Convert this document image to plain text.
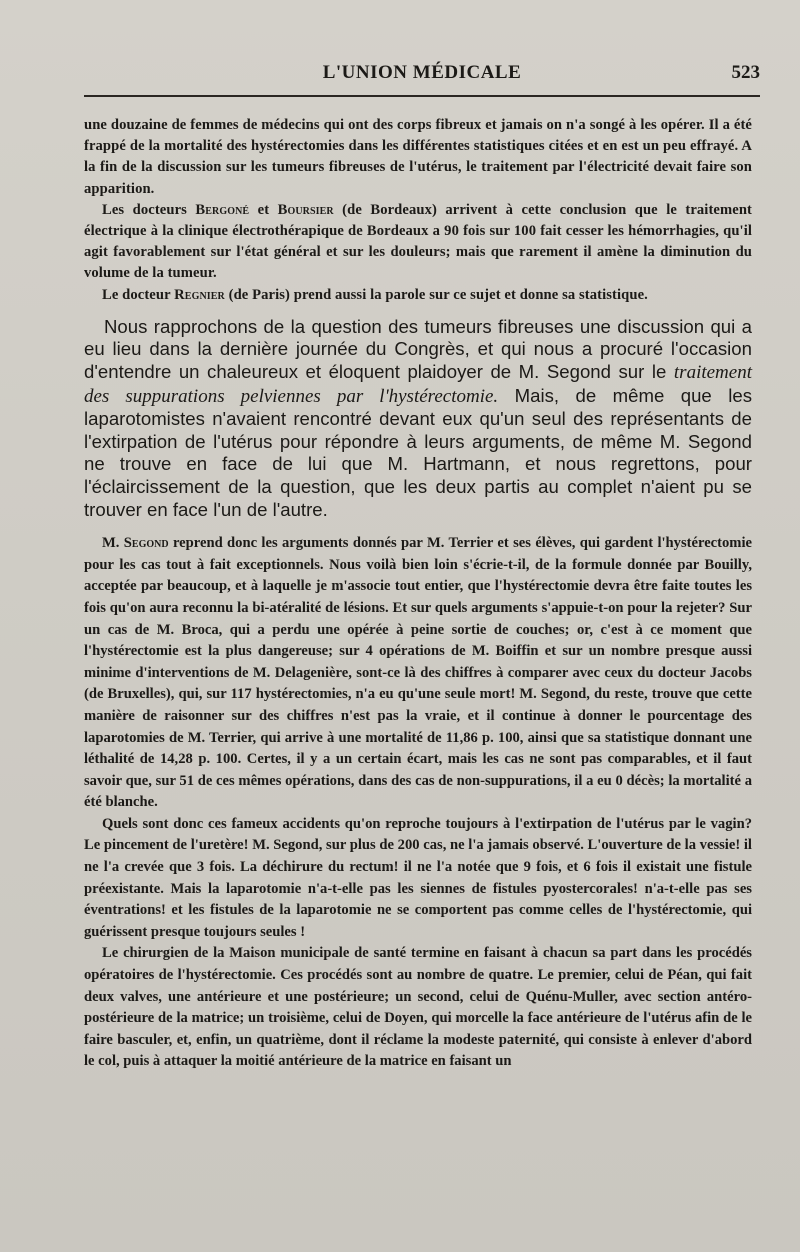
L'UNION MÉDICALE	523

une douzaine de femmes de médecins qui ont des corps fibreux et jamais on n'a songé à les opérer. Il a été frappé de la mortalité des hystérectomies dans les différentes statistiques citées et en est un peu effrayé. A la fin de la discussion sur les tumeurs fibreuses de l'utérus, le traitement par l'électricité devait faire son apparition.

Les docteurs Bergoné et Boursier (de Bordeaux) arrivent à cette conclusion que le traitement électrique à la clinique électrothérapique de Bordeaux a 90 fois sur 100 fait cesser les hémorrhagies, qu'il agit favorablement sur l'état général et sur les douleurs; mais que rarement il amène la diminution du volume de la tumeur.

Le docteur Regnier (de Paris) prend aussi la parole sur ce sujet et donne sa statistique.

Nous rapprochons de la question des tumeurs fibreuses une discussion qui a eu lieu dans la dernière journée du Congrès, et qui nous a procuré l'occasion d'entendre un chaleureux et éloquent plaidoyer de M. Segond sur le traitement des suppurations pelviennes par l'hystérectomie. Mais, de même que les laparotomistes n'avaient rencontré devant eux qu'un seul des représentants de l'extirpation de l'utérus pour répondre à leurs arguments, de même M. Segond ne trouve en face de lui que M. Hartmann, et nous regrettons, pour l'éclaircissement de la question, que les deux partis au complet n'aient pu se trouver en face l'un de l'autre.

M. Segond reprend donc les arguments donnés par M. Terrier et ses élèves, qui gardent l'hystérectomie pour les cas tout à fait exceptionnels. Nous voilà bien loin s'écrie-t-il, de la formule donnée par Bouilly, acceptée par beaucoup, et à laquelle je m'associe tout entier, que l'hystérectomie devra être faite toutes les fois qu'on aura reconnu la bi-atéralité de lésions. Et sur quels arguments s'appuie-t-on pour la rejeter? Sur un cas de M. Broca, qui a perdu une opérée à peine sortie de couches; or, c'est à ce moment que l'hystérectomie est la plus dangereuse; sur 4 opérations de M. Boiffin et sur un nombre presque aussi minime d'interventions de M. Delagenière, sont-ce là des chiffres à comparer avec ceux du docteur Jacobs (de Bruxelles), qui, sur 117 hystérectomies, n'a eu qu'une seule mort! M. Segond, du reste, trouve que cette manière de raisonner sur des chiffres n'est pas la vraie, et il continue à donner le pourcentage des laparotomies de M. Terrier, qui arrive à une mortalité de 11,86 p. 100, ainsi que sa statistique donnant une léthalité de 14,28 p. 100. Certes, il y a un certain écart, mais les cas ne sont pas comparables, et il faut savoir que, sur 51 de ces mêmes opérations, dans des cas de non-suppurations, il a eu 0 décès; la mortalité a été blanche.

Quels sont donc ces fameux accidents qu'on reproche toujours à l'extirpation de l'utérus par le vagin? Le pincement de l'uretère! M. Segond, sur plus de 200 cas, ne l'a jamais observé. L'ouverture de la vessie! il ne l'a crevée que 3 fois. La déchirure du rectum! il ne l'a notée que 9 fois, et 6 fois il existait une fistule préexistante. Mais la laparotomie n'a-t-elle pas les siennes de fistules pyostercorales! n'a-t-elle pas ses éventrations! et les fistules de la laparotomie ne se comportent pas comme celles de l'hystérectomie, qui guérissent presque toujours seules !

Le chirurgien de la Maison municipale de santé termine en faisant à chacun sa part dans les procédés opératoires de l'hystérectomie. Ces procédés sont au nombre de quatre. Le premier, celui de Péan, qui fait deux valves, une antérieure et une postérieure; un second, celui de Quénu-Muller, avec section antéro-postérieure de la matrice; un troisième, celui de Doyen, qui morcelle la face antérieure de l'utérus afin de le faire basculer, et, enfin, un quatrième, dont il réclame la modeste paternité, qui consiste à enlever d'abord le col, puis à attaquer la moitié antérieure de la matrice en faisant un
